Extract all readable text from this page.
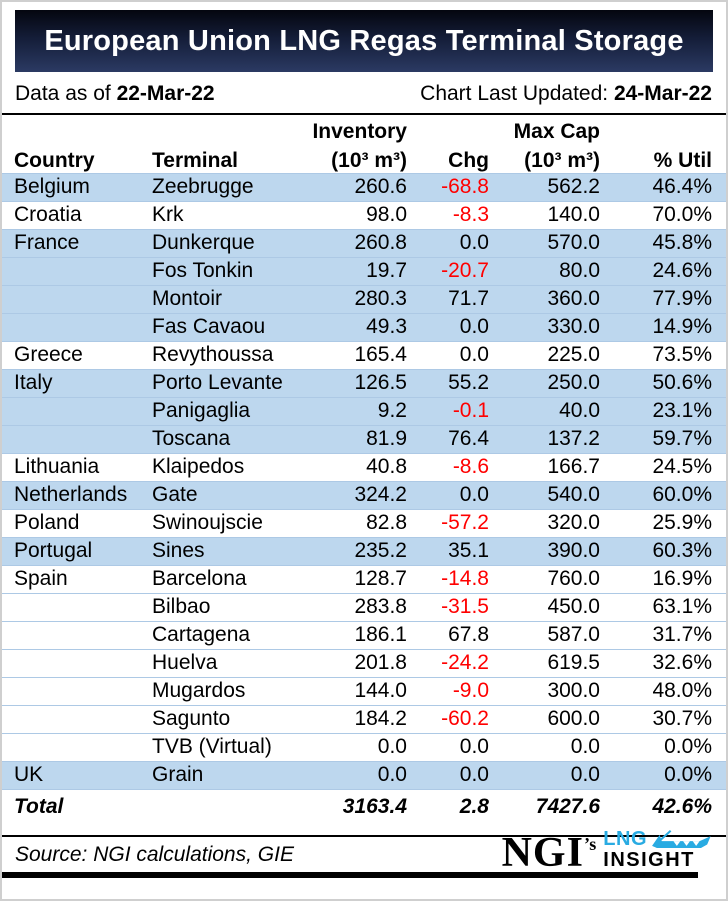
European Union LNG Regas Terminal Storage
Data as of 22-Mar-22	Chart Last Updated: 24-Mar-22
		Inventory		Max Cap	
Country	Terminal	(10³ m³)	Chg	(10³ m³)	% Util
Belgium	Zeebrugge	260.6	-68.8	562.2	46.4%
Croatia	Krk	98.0	-8.3	140.0	70.0%
France	Dunkerque	260.8	0.0	570.0	45.8%
	Fos Tonkin	19.7	-20.7	80.0	24.6%
	Montoir	280.3	71.7	360.0	77.9%
	Fas Cavaou	49.3	0.0	330.0	14.9%
Greece	Revythoussa	165.4	0.0	225.0	73.5%
Italy	Porto Levante	126.5	55.2	250.0	50.6%
	Panigaglia	9.2	-0.1	40.0	23.1%
	Toscana	81.9	76.4	137.2	59.7%
Lithuania	Klaipedos	40.8	-8.6	166.7	24.5%
Netherlands	Gate	324.2	0.0	540.0	60.0%
Poland	Swinoujscie	82.8	-57.2	320.0	25.9%
Portugal	Sines	235.2	35.1	390.0	60.3%
Spain	Barcelona	128.7	-14.8	760.0	16.9%
	Bilbao	283.8	-31.5	450.0	63.1%
	Cartagena	186.1	67.8	587.0	31.7%
	Huelva	201.8	-24.2	619.5	32.6%
	Mugardos	144.0	-9.0	300.0	48.0%
	Sagunto	184.2	-60.2	600.0	30.7%
	TVB (Virtual)	0.0	0.0	0.0	0.0%
UK	Grain	0.0	0.0	0.0	0.0%
Total		3163.4	2.8	7427.6	42.6%
Source: NGI calculations, GIE	$NGI^{’s}$ LNG
INSIGHT
